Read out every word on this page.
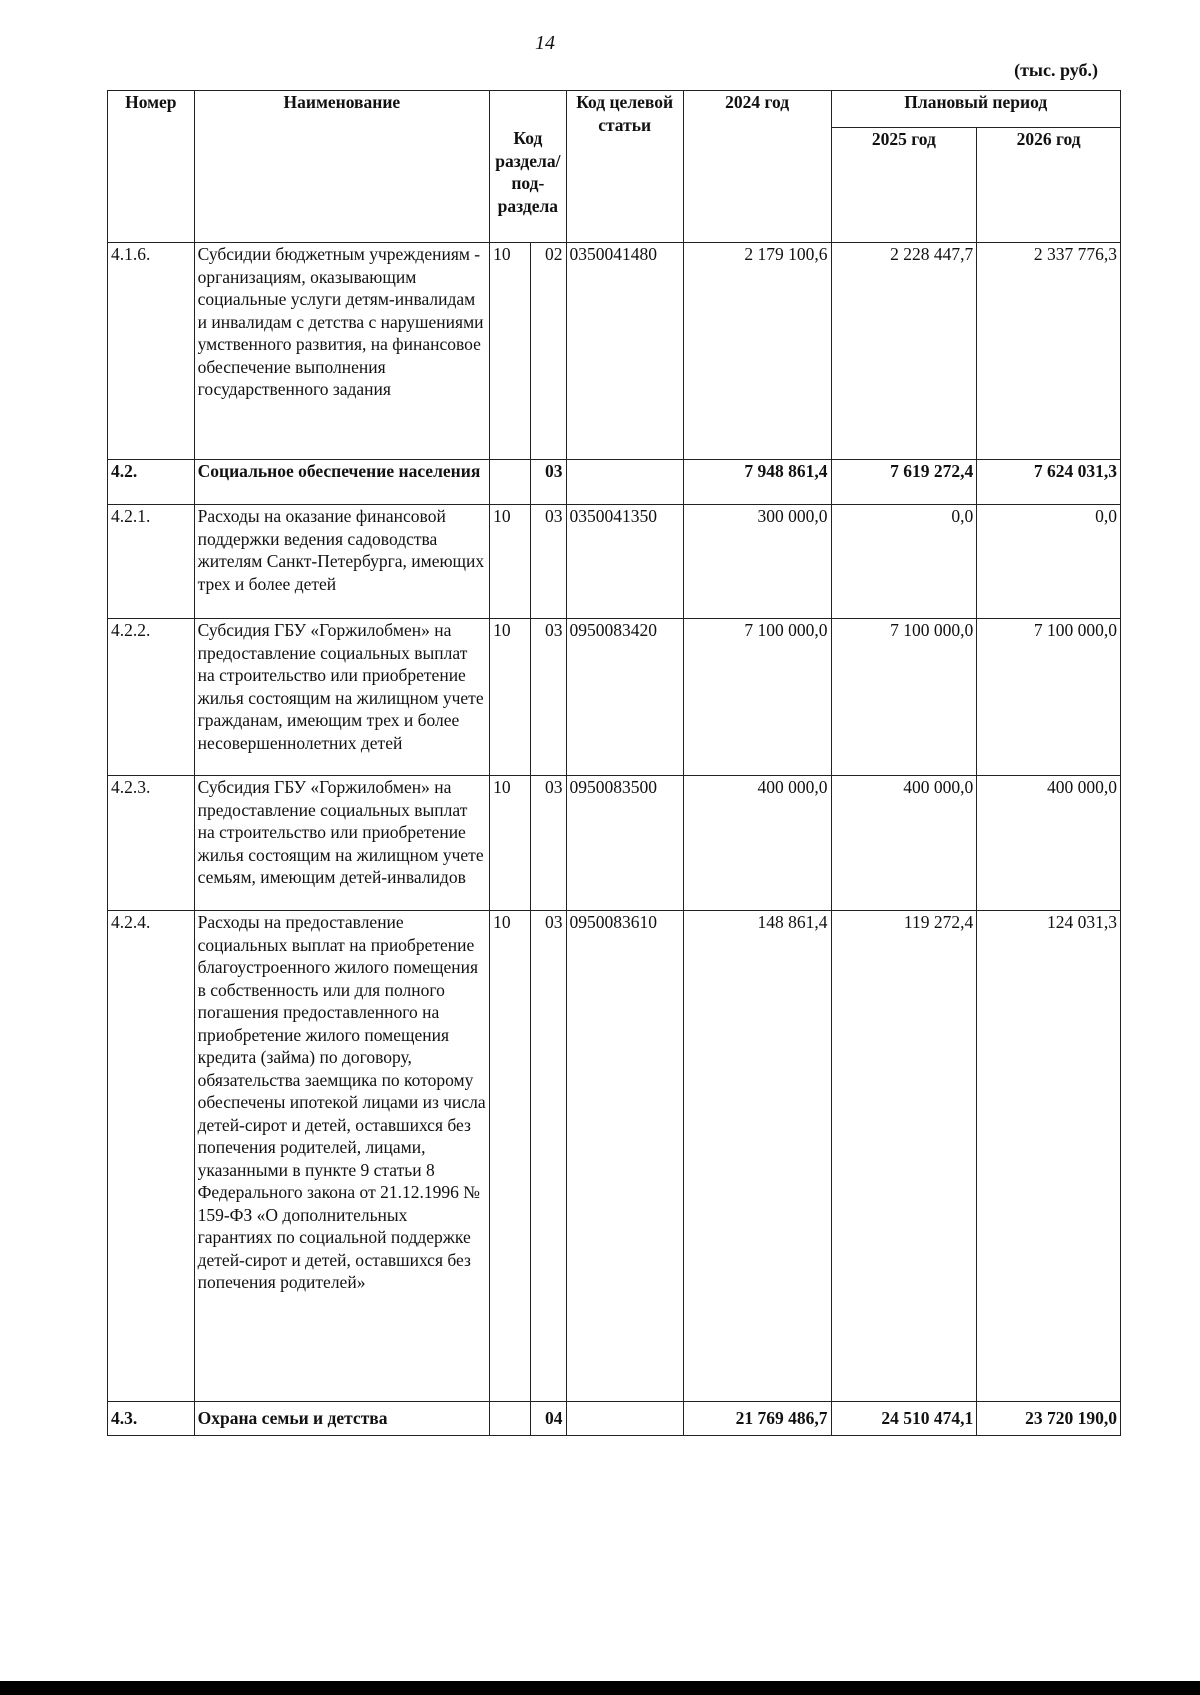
14
(тыс. руб.)
Номер	Наименование	Код раздела/ под-раздела		Код целевой статьи	2024 год	Плановый период	
						2025 год	2026 год
4.1.6.	Субсидии бюджетным учреждениям - организациям, оказывающим социальные услуги детям-инвалидам и инвалидам с детства с нарушениями умственного развития, на финансовое обеспечение выполнения государственного задания	10	02	0350041480	2 179 100,6	2 228 447,7	2 337 776,3
4.2.	Социальное обеспечение населения		03		7 948 861,4	7 619 272,4	7 624 031,3
4.2.1.	Расходы на оказание финансовой поддержки ведения садоводства жителям Санкт-Петербурга, имеющих трех и более детей	10	03	0350041350	300 000,0	0,0	0,0
4.2.2.	Субсидия ГБУ «Горжилобмен» на предоставление социальных выплат на строительство или приобретение жилья состоящим на жилищном учете гражданам, имеющим трех и более несовершеннолетних детей	10	03	0950083420	7 100 000,0	7 100 000,0	7 100 000,0
4.2.3.	Субсидия ГБУ «Горжилобмен» на предоставление социальных выплат на строительство или приобретение жилья состоящим на жилищном учете семьям, имеющим детей-инвалидов	10	03	0950083500	400 000,0	400 000,0	400 000,0
4.2.4.	Расходы на предоставление социальных выплат на приобретение благоустроенного жилого помещения в собственность или для полного погашения предоставленного на приобретение жилого помещения кредита (займа) по договору, обязательства заемщика по которому обеспечены ипотекой лицами из числа детей-сирот и детей, оставшихся без попечения родителей, лицами, указанными в пункте 9 статьи 8 Федерального закона от 21.12.1996 № 159-ФЗ «О дополнительных гарантиях по социальной поддержке детей-сирот и детей, оставшихся без попечения родителей»	10	03	0950083610	148 861,4	119 272,4	124 031,3
4.3.	Охрана семьи и детства		04		21 769 486,7	24 510 474,1	23 720 190,0
